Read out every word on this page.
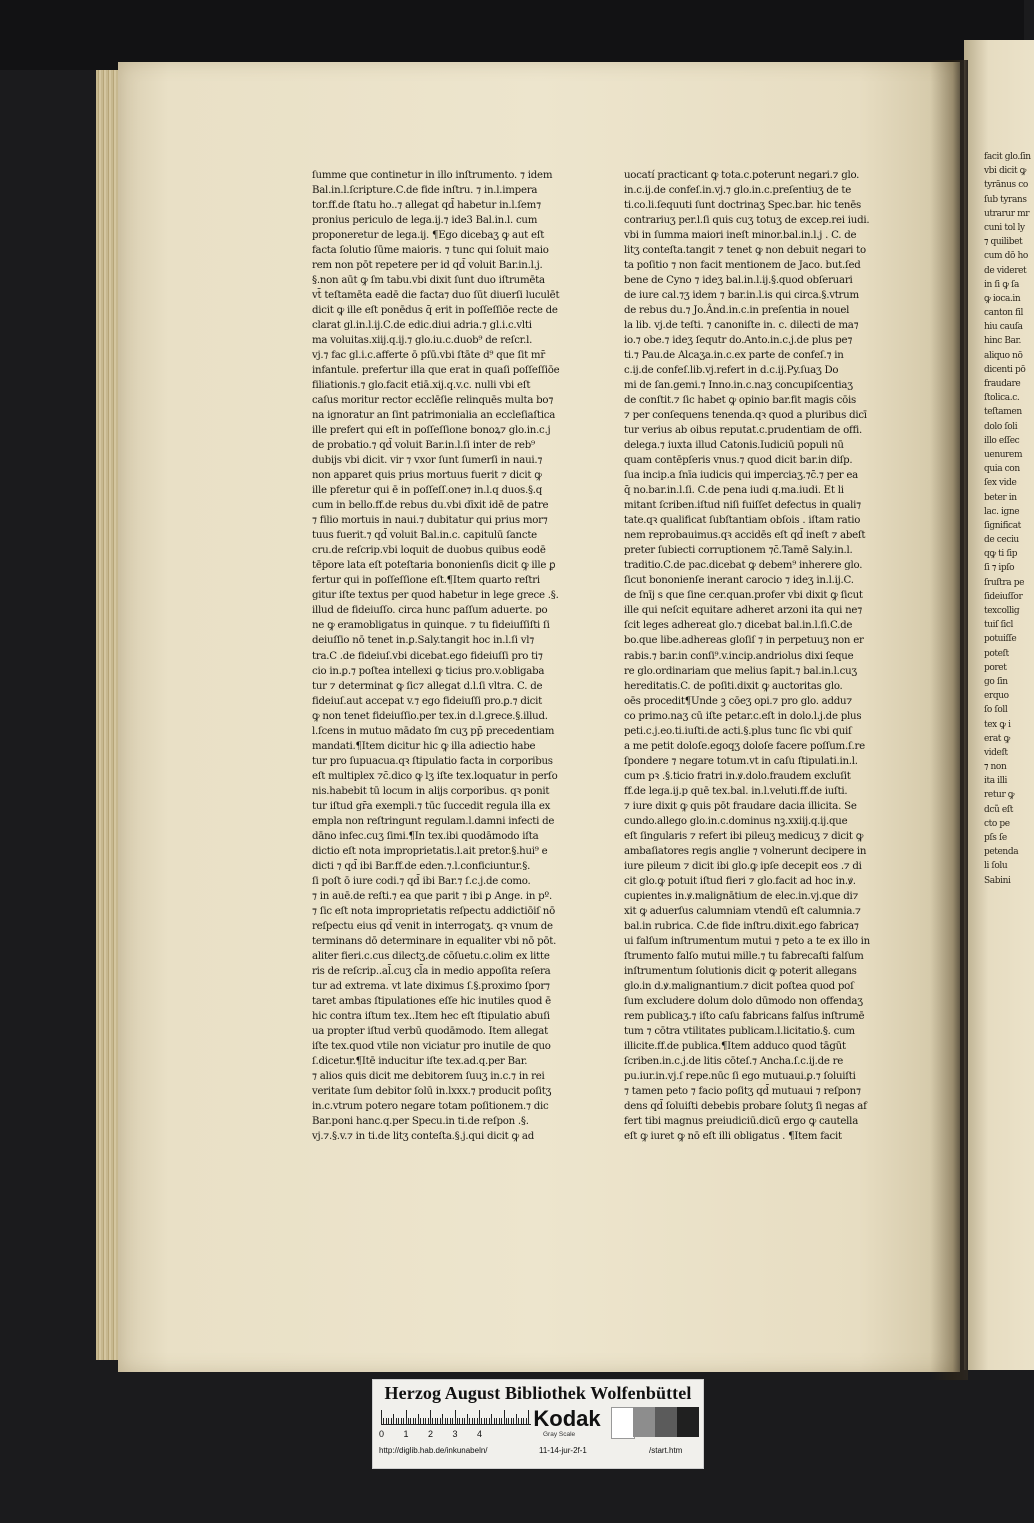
ſumme que continetur in illo inſtrumento. ⁊ idem
Bal.in.l.ſcripture.C.de fide inſtru. ⁊ in.l.impera
tor.ff.de ſtatu ho..⁊ allegat qd̄ habetur in.l.ſem⁊
pronius periculo de lega.ij.⁊ ide3 Bal.in.l. cum
proponeretur de lega.ij. ¶Ego dicebaʒ ꝙ aut eſt
facta ſolutio ſūme maioris. ⁊ tunc qui ſoluit maio
rem non pōt repetere per id qd̄ voluit Bar.in.l.j.
§.non aūt ꝙ ſm tabu.vbi dixit ſunt duo iſtrumēta
vt̄ teſtamēta eadē die facta⁊ duo ſūt diuerſi luculēt
dicit ꝙ ille eſt ponēdus q̄ erit in poſſeſſiōe recte de
clarat gl.in.l.ij.C.de edic.diui adria.⁊ gl.i.c.vlti
ma voluitas.xiij.q.ij.⁊ glo.iu.c.duob⁹ de reſcr.l.
vj.⁊ fac gl.i.c.afferte ō pſū.vbi ſtāte d⁹ que ſit mr̄
infantule. prefertur illa que erat in quaſi poſſeſſiōe
filiationis.⁊ glo.facit etiā.xij.q.v.c. nulli vbi eſt
caſus moritur rector ecclēſie relinquēs multa bo⁊
na ignoratur an ſint patrimonialia an eccleſiaſtica
ille prefert qui eſt in poſſeſſione bonoꝝ⁊ glo.in.c.j
de probatio.⁊ qd̄ voluit Bar.in.l.ſi inter de reb⁹
dubijs vbi dicit. vir ⁊ vxor ſunt ſumerſi in naui.⁊
non apparet quis prius mortuus fuerit ⁊ dicit ꝙ
ille pferetur qui ē in poſſeſſ.one⁊ in.l.q duos.§.q
cum in bello.ff.de rebus du.vbi dīxit idē de patre
⁊ filio mortuis in naui.⁊ dubitatur qui prius mor⁊
tuus fuerit.⁊ qd̄ voluit Bal.in.c. capitulū ſancte
cru.de reſcrip.vbi loquit de duobus quibus eodē
tēpore lata eſt poteſtaria bononienſis dicit ꝙ ille ꝑ
fertur qui in poſſeſſione eſt.¶Item quarto reſtri
gitur iſte textus per quod habetur in lege grece .§.
illud de fideiuſſo. circa hunc paſſum aduerte. po
ne ꝙ eramobligatus in quinque. ⁊ tu fideiuſſiſti ſi
deiuſſio nō tenet in.ꝑ.Saly.tangit hoc in.l.ſi vl⁊
tra.C .de fideiuſ.vbi dicebat.ego fideiuſſi pro ti⁊
cio in.ꝑ.⁊ poſtea intellexi ꝙ ticius pro.v.obligaba
tur ⁊ determinat ꝙ ſic⁊ allegat d.l.ſi vltra. C. de
fideiuſ.aut accepat v.⁊ ego fideiuſſi pro.ꝑ.⁊ dicit
ꝙ non tenet fideiuſſio.per tex.in d.l.grece.§.illud.
l.ſcens in mutuo mādato ſm cuʒ pp̄ precedentiam
mandati.¶Item dicitur hic ꝙ illa adiectio habe
tur pro ſupuacua.qꝛ ſtipulatio facta in corporibus
eſt multiplex ⁊c̄.dico ꝙ lʒ iſte tex.loquatur in perſo
nis.habebit tū locum in alijs corporibus. qꝛ ponit
tur iſtud gr̄a exempli.⁊ tūc ſuccedit regula illa ex
empla non reſtringunt regulam.l.damni infecti de
dāno infec.cuʒ ſimi.¶In tex.ibi quodāmodo iſta
dictio eſt nota improprietatis.l.ait pretor.§.hui⁹ e
dicti ⁊ qd̄ ibi Bar.ff.de eden.⁊.l.conficiuntur.§.
ſi poſt ō iure codi.⁊ qd̄ ibi Bar.⁊ ſ.c.j.de como.
⁊ in auē.de reſti.⁊ ea que parit ⁊ ibi ꝑ Ange. in pº.
⁊ ſic eſt nota improprietatis reſpectu addictiōiſ nō
reſpectu eius qd̄ venit in interrogatʒ. qꝛ vnum de
terminans dō determinare in equaliter vbi nō pōt.
aliter fieri.c.cus dilectʒ.de cōſuetu.c.olim ex litte
ris de reſcrip..al̄.cuʒ cl̄a in medio appoſita reſera
tur ad extrema. vt late diximus ſ.§.proximo ſpor⁊
taret ambas ſtipulationes eſſe hic inutiles quod ē
hic contra iſtum tex..Item hec eſt ſtipulatio abuſi
ua propter iſtud verbū quodāmodo. Item allegat
iſte tex.quod vtile non viciatur pro inutile de quo
ſ.dicetur.¶Itē inducitur iſte tex.ad.q.per Bar.
⁊ alios quis dicit me debitorem ſuuʒ in.c.⁊ in rei
veritate ſum debitor ſolū in.lxxx.⁊ producit poſitʒ
in.c.vtrum potero negare totam poſitionem.⁊ dic
Bar.poni hanc.q.per Specu.in ti.de reſpon .§.
vj.⁊.§.v.⁊ in ti.de litʒ conteſta.§.j.qui dicit ꝙ ad
uocatí practicant ꝙ tota.c.poterunt negari.⁊ glo.
in.c.ij.de confeſ.in.vj.⁊ glo.in.c.preſentiuʒ de te
ti.co.li.ſequuti ſunt doctrinaʒ Spec.bar. hic tenēs
contrariuʒ per.l.ſi quis cuʒ totuʒ de excep.rei iudi.
vbi in ſumma maiori ineſt minor.bal.in.l.j . C. de
litʒ conteſta.tangit ⁊ tenet ꝙ non debuit negari to
ta poſitio ⁊ non facit mentionem de Jaco. but.ſed
bene de Cyno ⁊ ideʒ bal.in.l.ij.§.quod obſeruari
de iure cal.⁊ʒ idem ⁊ bar.in.l.is qui circa.§.vtrum
de rebus du.⁊ Jo.Ând.in.c.in preſentia in nouel
la lib. vj.de teſti. ⁊ canoniſte in. c. dilecti de ma⁊
io.⁊ obe.⁊ ideʒ ſequtr do.Anto.in.c.j.de plus pe⁊
ti.⁊ Pau.de Alcaʒa.in.c.ex parte de confeſ.⁊ in
c.ij.de confeſ.lib.vj.refert in d.c.ij.Py.ſuaʒ Do
mi de ſan.gemi.⁊ Inno.in.c.naʒ concupiſcentiaʒ
de conſtit.⁊ ſic habet ꝙ opinio bar.fit magis cōis
⁊ per conſequens tenenda.qꝛ quod a pluribus dicī
tur verius ab oibus reputat.c.prudentiam de offi.
delega.⁊ iuxta illud Catonis.Iudiciū populi nū
quam contēpſeris vnus.⁊ quod dicit bar.in diſp.
ſua incip.a ſnīa iudicis qui imperciaʒ.⁊c̄.⁊ per ea
q̄ no.bar.in.l.ſi. C.de pena iudi q.ma.iudi. Et li
mitant ſcriben.iſtud niſi fuiſſet defectus in quali⁊
tate.qꝛ qualificat ſubſtantiam obſois . iſtam ratio
nem reprobauimus.qꝛ accidēs eſt qd̄ ineſt ⁊ abeſt
preter ſubiecti corruptionem ⁊c̄.Tamē Saly.in.l.
traditio.C.de pac.dicebat ꝙ debem⁹ inherere glo.
ſicut bononienſe inerant carocio ⁊ ideʒ in.l.ij.C.
de ſnīj s que ſine cer.quan.profer vbi dixit ꝙ ſicut
ille qui neſcit equitare adheret arzoni ita qui ne⁊
ſcit leges adhereat glo.⁊ dicebat bal.in.l.ſi.C.de
bo.que libe.adhereas gloſiſ ⁊ in perpetuuʒ non er
rabis.⁊ bar.in conſi⁹.v.incip.andriolus dixi ſeque
re glo.ordinariam que melius ſapit.⁊ bal.in.l.cuʒ
hereditatis.C. de poſiti.dixit ꝙ auctoritas glo.
oēs procedit¶Unde ꝫ cōeʒ opi.⁊ pro glo. addu⁊
co primo.naʒ cū iſte petar.c.eſt in dolo.l.j.de plus
peti.c.j.eo.ti.iuſti.de acti.§.plus tunc ſic vbi quiſ
a me petit doloſe.egoqʒ doloſe facere poſſum.ſ.re
ſpondere ⁊ negare totum.vt in caſu ſtipulati.in.l.
cum pꝛ .§.ticio fratri in.ꝟ.dolo.fraudem excluſit
ff.de lega.ij.p quē tex.bal. in.l.veluti.ff.de iuſti.
⁊ iure dixit ꝙ quis pōt fraudare dacia illicita. Se
cundo.allego glo.in.c.dominus nꝫ.xxiij.q.ij.que
eſt ſingularis ⁊ refert ibi pileuʒ medicuʒ ⁊ dicit ꝙ
ambaſiatores regis anglie ⁊ volnerunt decipere in
iure pileum ⁊ dicit ibi glo.ꝙ ipſe decepit eos .⁊ di
cit glo.ꝙ potuit iſtud fieri ⁊ glo.facit ad hoc in.ꝟ.
cupientes in.ꝟ.malignātium de elec.in.vj.que di⁊
xit ꝙ aduerſus calumniam vtendū eſt calumnia.⁊
bal.in rubrica. C.de fide inſtru.dixit.ego fabrica⁊
ui falſum inſtrumentum mutui ⁊ peto a te ex illo in
ſtrumento falſo mutui mille.⁊ tu fabrecaſti falſum
inſtrumentum ſolutionis dicit ꝙ poterit allegans
glo.in d.ꝟ.malignantium.⁊ dicit poſtea quod poſ
ſum excludere dolum dolo dūmodo non offendaʒ
rem publicaʒ.⁊ iſto caſu fabricans falſus inſtrumē
tum ⁊ cōtra vtilitates publicam.l.licitatio.§. cum
illicite.ff.de publica.¶Item adduco quod tāgūt
ſcriben.in.c.j.de litis cōteſ.⁊ Ancha.ſ.c.ij.de re
pu.iur.in.vj.ſ repe.nūc ſi ego mutuaui.ꝑ.⁊ ſoluiſti
⁊ tamen peto ⁊ facio poſitʒ qd̄ mutuaui ⁊ reſpon⁊
dens qd̄ ſoluiſti debebis probare ſolutʒ ſi negas af
fert tibi magnus preiudiciū.dicū ergo ꝙ cautella
eſt ꝙ iuret ꝙ nō eſt illi obligatus . ¶Item facit
facit glo.ſin
vbi dicit ꝙ
tyrānus co
ſub tyrans
utrarur mr
cuni tol ly
⁊ quilibet
cum dō ho
de videret
in ſi ꝙ ſa
ꝙ ioca.in
canton fil
hiu cauſa
hinc Bar.
aliquo nō
dicenti pō
fraudare
ſtolica.c.
teſtamen
dolo ſoli
illo eſſec
uenurem
quia con
ſex vide
beter in
lac. igne
ſignificat
de ceciu
qꝙ ti ſip
ſi ⁊ ipſo
ſruſtra pe
ſideiuſſor
texcollig
tuiſ ſicl
potuiſſe
poteſt
poret
go ſin
erquo
ſo ſoll
tex ꝙ i
erat ꝙ
videſt
⁊ non
ita illi
retur ꝙ
dcũ eſt
cto pe
pſs ſe
petenda
li ſolu
Sabini
Herzog August Bibliothek Wolfenbüttel
0 1 2 3 4
Kodak
Gray Scale
http://diglib.hab.de/inkunabeln/	11-14-jur-2f-1	/start.htm
